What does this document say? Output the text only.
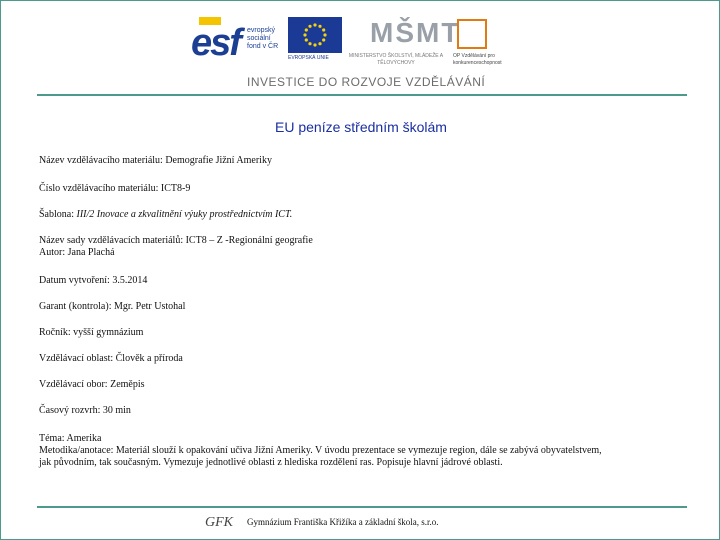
esf evropský
sociální
fond v ČR
EVROPSKÁ UNIE
MŠMT
MINISTERSTVO ŠKOLSTVÍ, MLÁDEŽE A TĚLOVÝCHOVY
OP Vzdělávání pro konkurenceschopnost
INVESTICE DO ROZVOJE VZDĚLÁVÁNÍ
EU peníze středním školám

Název vzdělávacího materiálu: Demografie Jižní Ameriky

Číslo vzdělávacího materiálu: ICT8-9

Šablona: III/2 Inovace a zkvalitnění výuky prostřednictvím ICT.

Název sady vzdělávacích materiálů: ICT8 – Z -Regionální geografie

Autor: Jana Plachá

Datum vytvoření: 3.5.2014

Garant (kontrola): Mgr. Petr Ustohal

Ročník: vyšší gymnázium

Vzdělávací oblast: Člověk a příroda

Vzdělávací obor: Zeměpis

Časový rozvrh: 30 min

Téma: Amerika

Metodika/anotace: Materiál slouží k opakování učiva Jižní Ameriky. V úvodu prezentace se vymezuje region, dále se zabývá obyvatelstvem,

jak původním, tak současným. Vymezuje jednotlivé oblasti z hlediska rozdělení ras. Popisuje hlavní jádrové oblasti.

GFK Gymnázium Františka Křižíka a základní škola, s.r.o.
